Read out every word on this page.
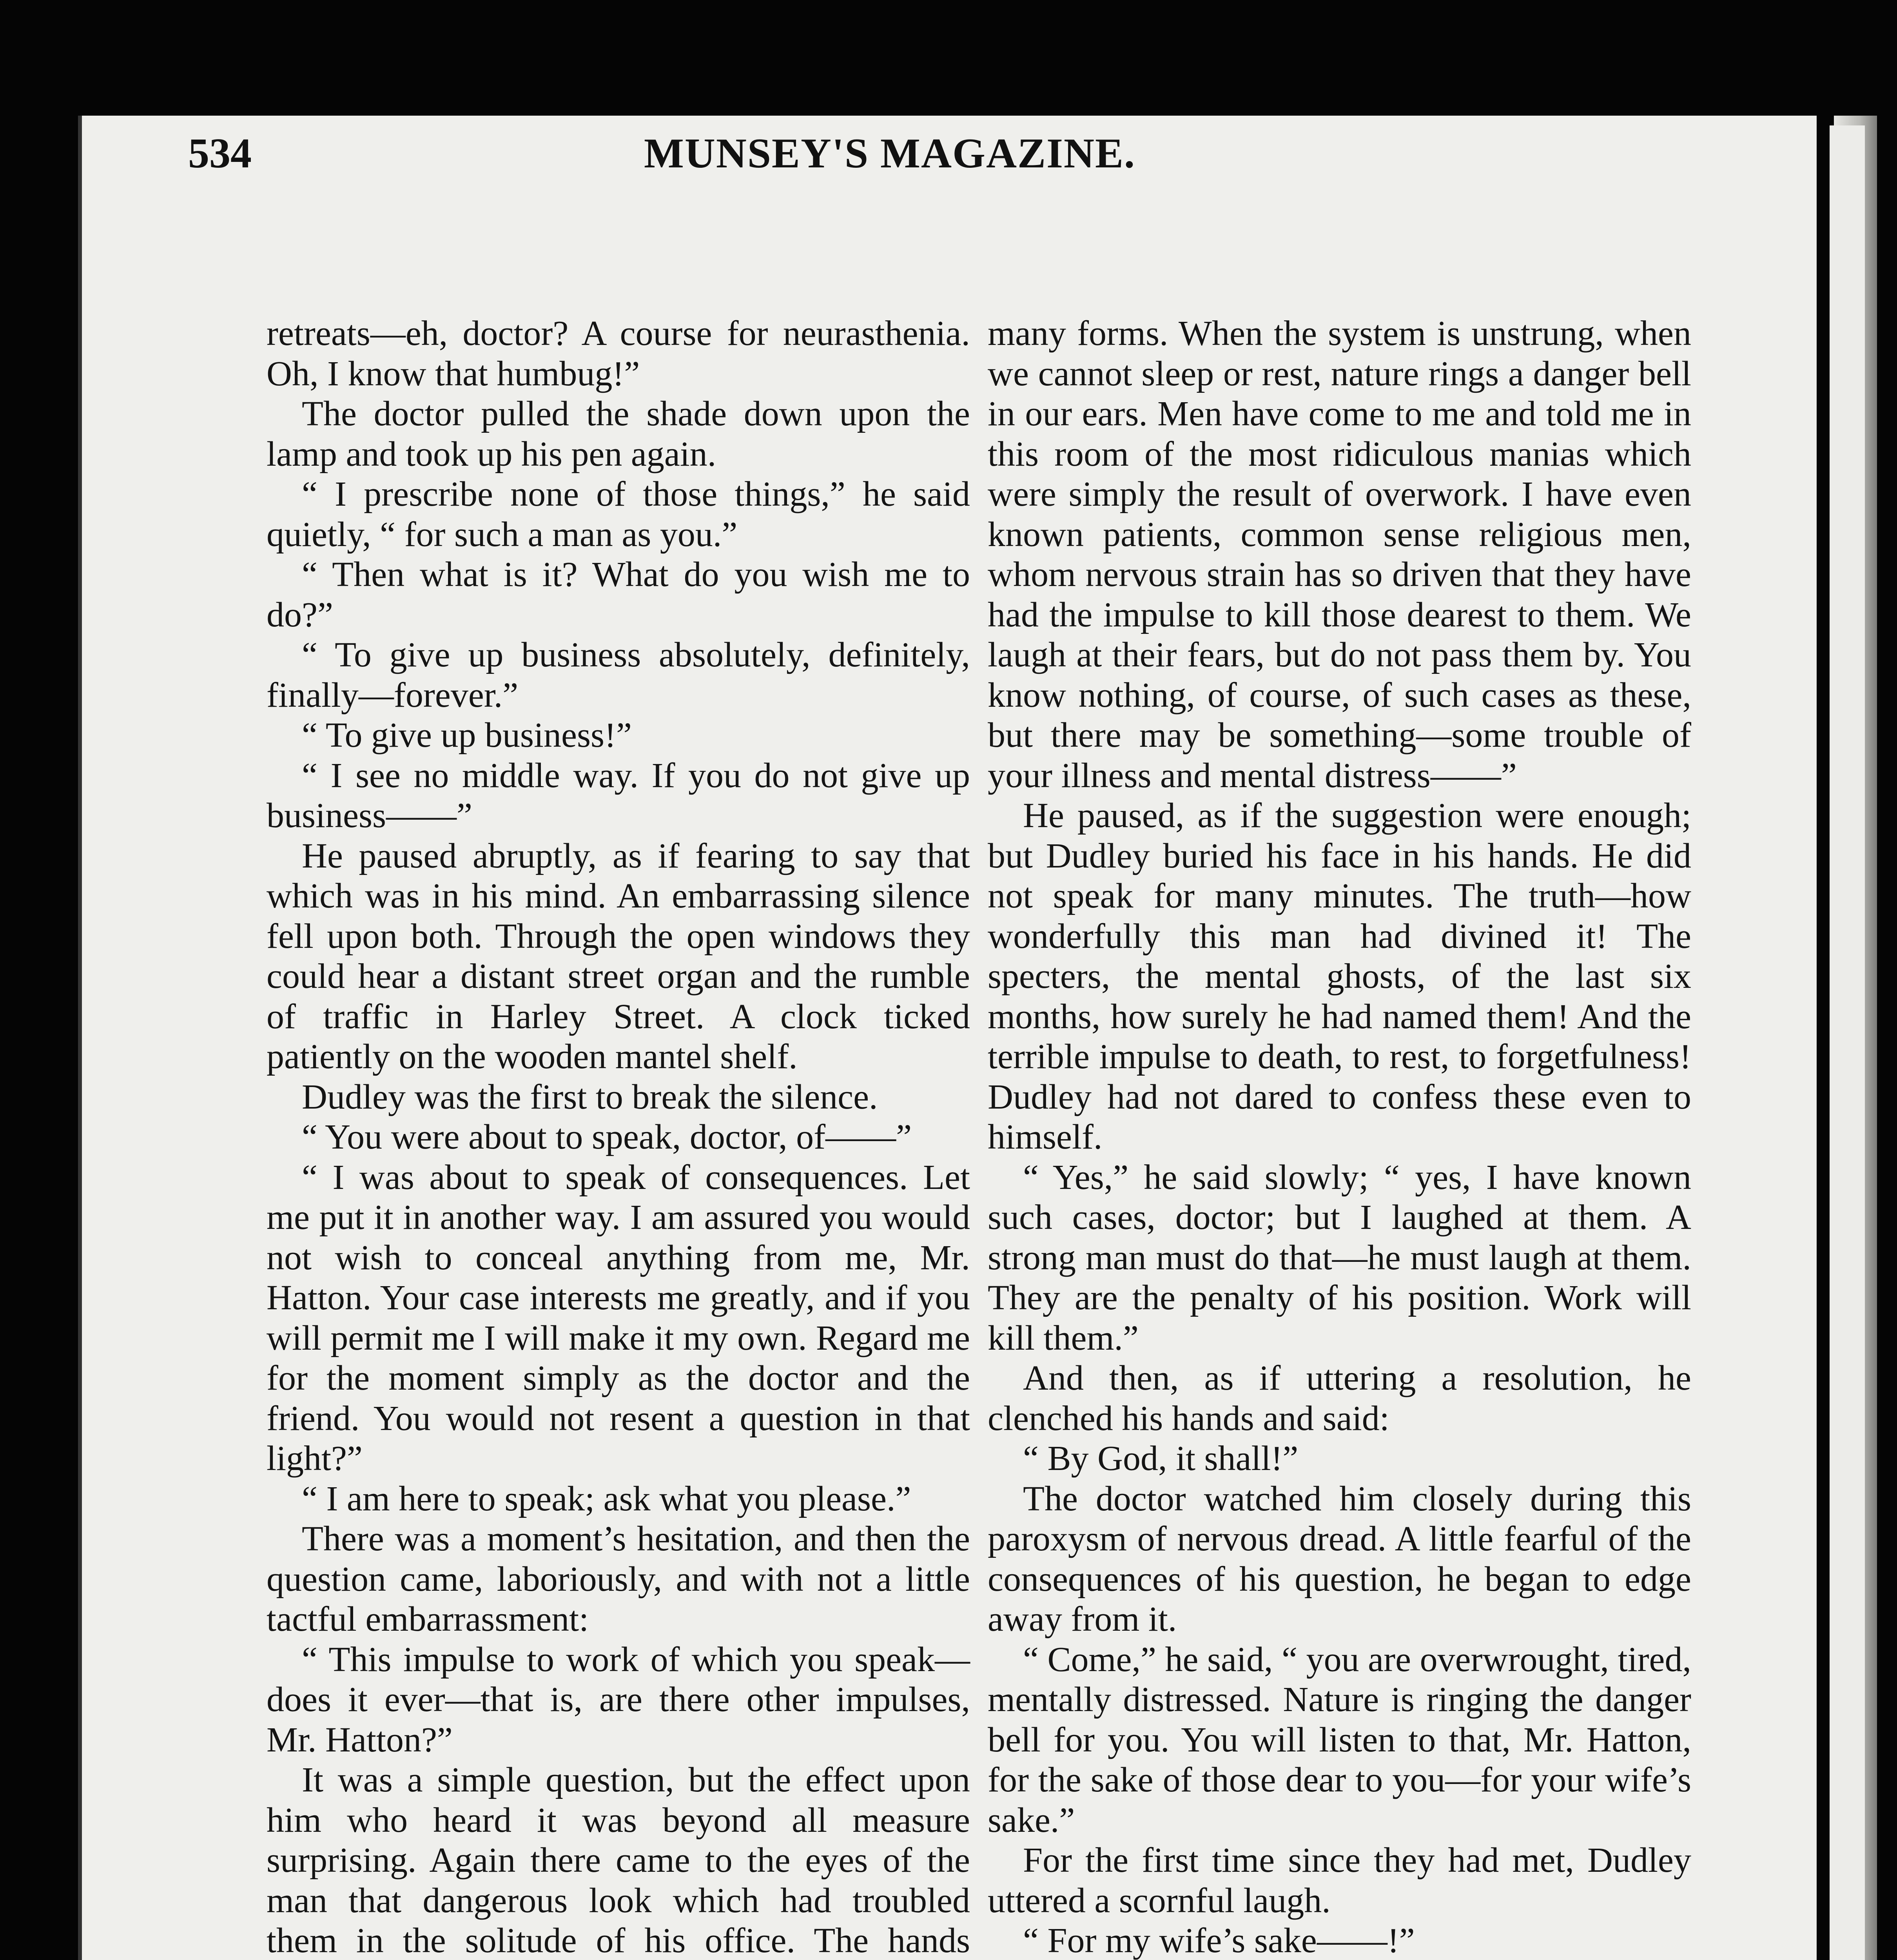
534	MUNSEY'S MAGAZINE.

retreats—eh, doctor? A course for neurasthenia. Oh, I know that humbug!”

The doctor pulled the shade down upon the lamp and took up his pen again.

“ I prescribe none of those things,” he said quietly, “ for such a man as you.”

“ Then what is it? What do you wish me to do?”

“ To give up business absolutely, definitely, finally—forever.”

“ To give up business!”

“ I see no middle way. If you do not give up business——”

He paused abruptly, as if fearing to say that which was in his mind. An embarrassing silence fell upon both. Through the open windows they could hear a distant street organ and the rumble of traffic in Harley Street. A clock ticked patiently on the wooden mantel shelf.

Dudley was the first to break the silence.

“ You were about to speak, doctor, of——”

“ I was about to speak of consequences. Let me put it in another way. I am assured you would not wish to conceal anything from me, Mr. Hatton. Your case interests me greatly, and if you will permit me I will make it my own. Regard me for the moment simply as the doctor and the friend. You would not resent a question in that light?”

“ I am here to speak; ask what you please.”

There was a moment’s hesitation, and then the question came, laboriously, and with not a little tactful embarrassment:

“ This impulse to work of which you speak—does it ever—that is, are there other impulses, Mr. Hatton?”

It was a simple question, but the effect upon him who heard it was beyond all measure surprising. Again there came to the eyes of the man that dangerous look which had troubled them in the solitude of his office. The hands

many forms. When the system is unstrung, when we cannot sleep or rest, nature rings a danger bell in our ears. Men have come to me and told me in this room of the most ridiculous manias which were simply the result of overwork. I have even known patients, common sense religious men, whom nervous strain has so driven that they have had the impulse to kill those dearest to them. We laugh at their fears, but do not pass them by. You know nothing, of course, of such cases as these, but there may be something—some trouble of your illness and mental distress——”

He paused, as if the suggestion were enough; but Dudley buried his face in his hands. He did not speak for many minutes. The truth—how wonderfully this man had divined it! The specters, the mental ghosts, of the last six months, how surely he had named them! And the terrible impulse to death, to rest, to forgetfulness! Dudley had not dared to confess these even to himself.

“ Yes,” he said slowly; “ yes, I have known such cases, doctor; but I laughed at them. A strong man must do that—he must laugh at them. They are the penalty of his position. Work will kill them.”

And then, as if uttering a resolution, he clenched his hands and said:

“ By God, it shall!”

The doctor watched him closely during this paroxysm of nervous dread. A little fearful of the consequences of his question, he began to edge away from it.

“ Come,” he said, “ you are overwrought, tired, mentally distressed. Nature is ringing the danger bell for you. You will listen to that, Mr. Hatton, for the sake of those dear to you—for your wife’s sake.”

For the first time since they had met, Dudley uttered a scornful laugh.

“ For my wife’s sake——!”
